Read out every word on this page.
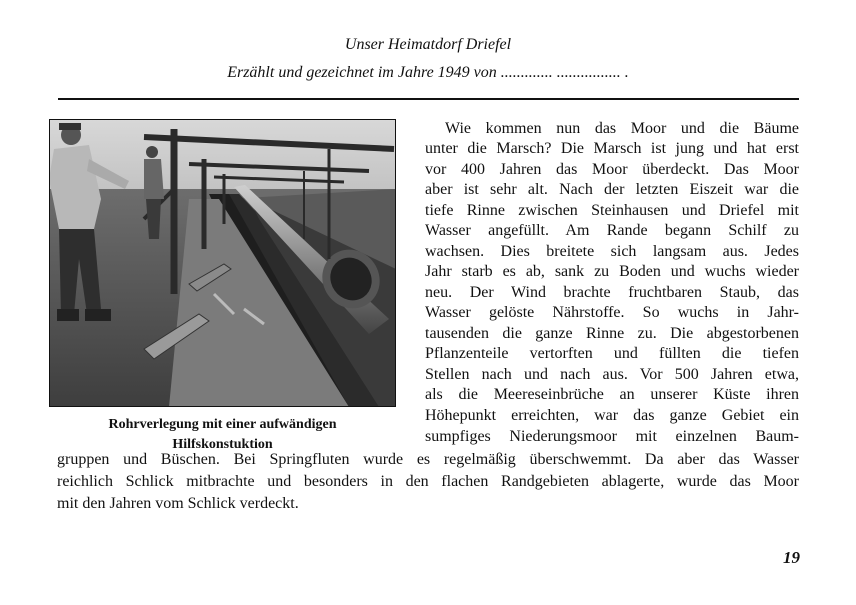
Unser Heimatdorf Driefel
Erzählt und gezeichnet im Jahre 1949 von ............. ................ .
Rohrverlegung mit einer aufwändigen
Hilfskonstuktion
Wie kommen nun das Moor und die Bäume
unter die Marsch? Die Marsch ist jung und hat erst
vor 400 Jahren das Moor überdeckt. Das Moor
aber ist sehr alt. Nach der letzten Eiszeit war die
tiefe Rinne zwischen Steinhausen und Driefel mit
Wasser angefüllt. Am Rande begann Schilf zu
wachsen. Dies breitete sich langsam aus. Jedes
Jahr starb es ab, sank zu Boden und wuchs wieder
neu. Der Wind brachte fruchtbaren Staub, das
Wasser gelöste Nährstoffe. So wuchs in Jahr-
tausenden die ganze Rinne zu. Die abgestorbenen
Pflanzenteile vertorften und füllten die tiefen
Stellen nach und nach aus. Vor 500 Jahren etwa,
als die Meereseinbrüche an unserer Küste ihren
Höhepunkt erreichten, war das ganze Gebiet ein
sumpfiges Niederungsmoor mit einzelnen Baum-
gruppen und Büschen. Bei Springfluten wurde es regelmäßig überschwemmt. Da aber das Wasser
reichlich Schlick mitbrachte und besonders in den flachen Randgebieten ablagerte, wurde das Moor
mit den Jahren vom Schlick verdeckt.
19
